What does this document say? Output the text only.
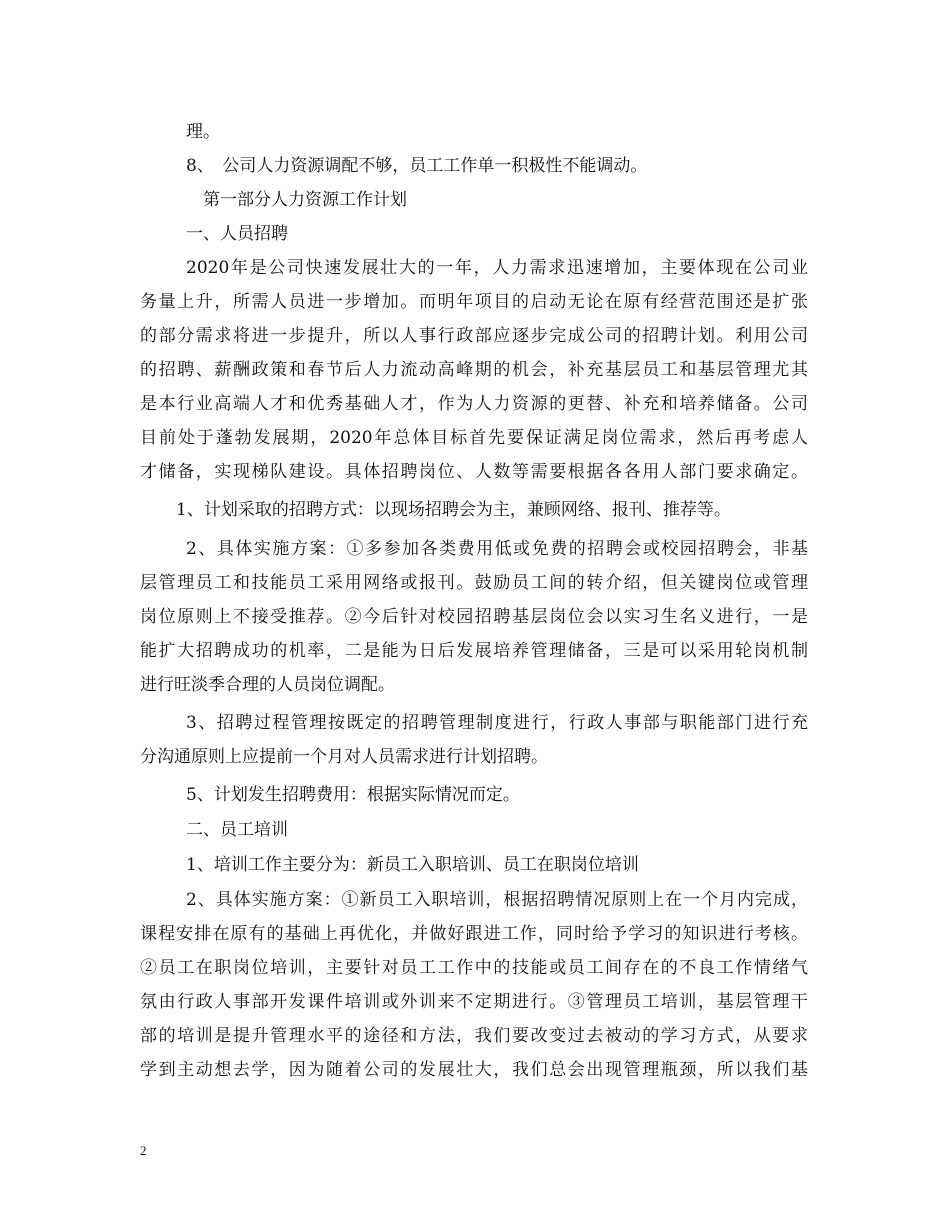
理。
8、　公司人力资源调配不够，员工工作单一积极性不能调动。
　第一部分人力资源工作计划
一、人员招聘
2020年是公司快速发展壮大的一年，人力需求迅速增加，主要体现在公司业
务量上升，所需人员进一步增加。而明年项目的启动无论在原有经营范围还是扩张
的部分需求将进一步提升，所以人事行政部应逐步完成公司的招聘计划。利用公司
的招聘、薪酬政策和春节后人力流动高峰期的机会，补充基层员工和基层管理尤其
是本行业高端人才和优秀基础人才，作为人力资源的更替、补充和培养储备。公司
目前处于蓬勃发展期，2020年总体目标首先要保证满足岗位需求，然后再考虑人
才储备，实现梯队建设。具体招聘岗位、人数等需要根据各各用人部门要求确定。
1、计划采取的招聘方式：以现场招聘会为主，兼顾网络、报刊、推荐等。
2、具体实施方案：①多参加各类费用低或免费的招聘会或校园招聘会，非基
层管理员工和技能员工采用网络或报刊。鼓励员工间的转介绍，但关键岗位或管理
岗位原则上不接受推荐。②今后针对校园招聘基层岗位会以实习生名义进行，一是
能扩大招聘成功的机率，二是能为日后发展培养管理储备，三是可以采用轮岗机制
进行旺淡季合理的人员岗位调配。
3、招聘过程管理按既定的招聘管理制度进行，行政人事部与职能部门进行充
分沟通原则上应提前一个月对人员需求进行计划招聘。
5、计划发生招聘费用：根据实际情况而定。
二、员工培训
1、培训工作主要分为：新员工入职培训、员工在职岗位培训
2、具体实施方案：①新员工入职培训，根据招聘情况原则上在一个月内完成，
课程安排在原有的基础上再优化，并做好跟进工作，同时给予学习的知识进行考核。
②员工在职岗位培训，主要针对员工工作中的技能或员工间存在的不良工作情绪气
氛由行政人事部开发课件培训或外训来不定期进行。③管理员工培训，基层管理干
部的培训是提升管理水平的途径和方法，我们要改变过去被动的学习方式，从要求
学到主动想去学，因为随着公司的发展壮大，我们总会出现管理瓶颈，所以我们基
2
